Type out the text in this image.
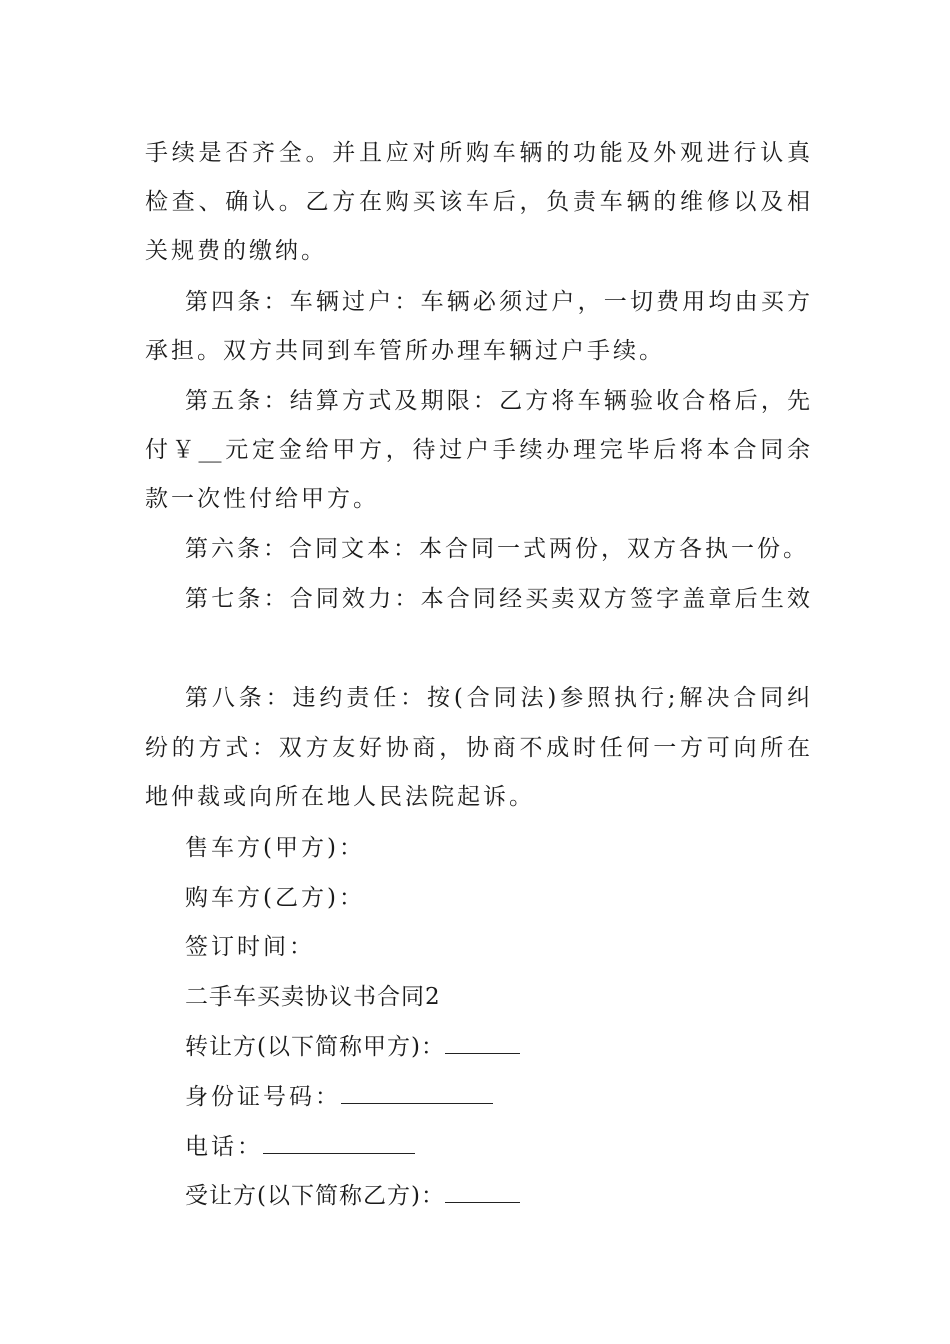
手续是否齐全。并且应对所购车辆的功能及外观进行认真
检查、确认。乙方在购买该车后，负责车辆的维修以及相
关规费的缴纳。
第四条：车辆过户：车辆必须过户，一切费用均由买方
承担。双方共同到车管所办理车辆过户手续。
第五条：结算方式及期限：乙方将车辆验收合格后，先
付￥__元定金给甲方，待过户手续办理完毕后将本合同余
款一次性付给甲方。
第六条：合同文本：本合同一式两份，双方各执一份。
第七条：合同效力：本合同经买卖双方签字盖章后生效
第八条：违约责任：按(合同法)参照执行;解决合同纠
纷的方式：双方友好协商，协商不成时任何一方可向所在
地仲裁或向所在地人民法院起诉。
售车方(甲方)：
购车方(乙方)：
签订时间：
二手车买卖协议书合同2
转让方(以下简称甲方)：
身份证号码：
电话：
受让方(以下简称乙方)：
